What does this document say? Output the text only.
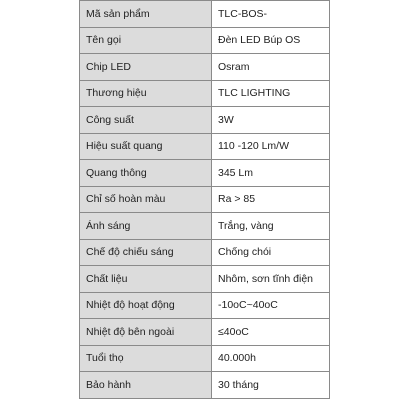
Mã sản phẩm	TLC-BOS-
Tên gọi	Đèn LED Búp OS
Chip LED	Osram
Thương hiệu	TLC LIGHTING
Công suất	3W
Hiệu suất quang	110 -120 Lm/W
Quang thông	345 Lm
Chỉ số hoàn màu	Ra > 85
Ánh sáng	Trắng, vàng
Chế độ chiếu sáng	Chống chói
Chất liệu	Nhôm, sơn tĩnh điện
Nhiệt độ hoạt động	-10oC~40oC
Nhiệt độ bên ngoài	≤40oC
Tuổi thọ	40.000h
Bảo hành	30 tháng
